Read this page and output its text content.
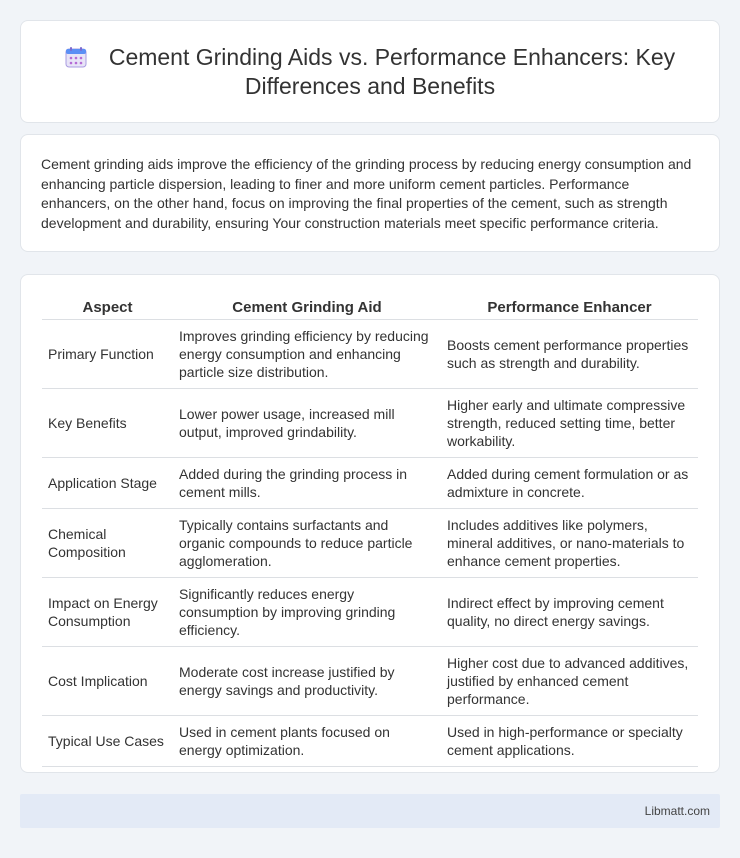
Cement Grinding Aids vs. Performance Enhancers: Key Differences and Benefits

Cement grinding aids improve the efficiency of the grinding process by reducing energy consumption and enhancing particle dispersion, leading to finer and more uniform cement particles. Performance enhancers, on the other hand, focus on improving the final properties of the cement, such as strength development and durability, ensuring Your construction materials meet specific performance criteria.

Aspect	Cement Grinding Aid	Performance Enhancer
Primary Function	Improves grinding efficiency by reducing energy consumption and enhancing particle size distribution.	Boosts cement performance properties such as strength and durability.
Key Benefits	Lower power usage, increased mill output, improved grindability.	Higher early and ultimate compressive strength, reduced setting time, better workability.
Application Stage	Added during the grinding process in cement mills.	Added during cement formulation or as admixture in concrete.
Chemical Composition	Typically contains surfactants and organic compounds to reduce particle agglomeration.	Includes additives like polymers, mineral additives, or nano-materials to enhance cement properties.
Impact on Energy Consumption	Significantly reduces energy consumption by improving grinding efficiency.	Indirect effect by improving cement quality, no direct energy savings.
Cost Implication	Moderate cost increase justified by energy savings and productivity.	Higher cost due to advanced additives, justified by enhanced cement performance.
Typical Use Cases	Used in cement plants focused on energy optimization.	Used in high-performance or specialty cement applications.
Libmatt.com
